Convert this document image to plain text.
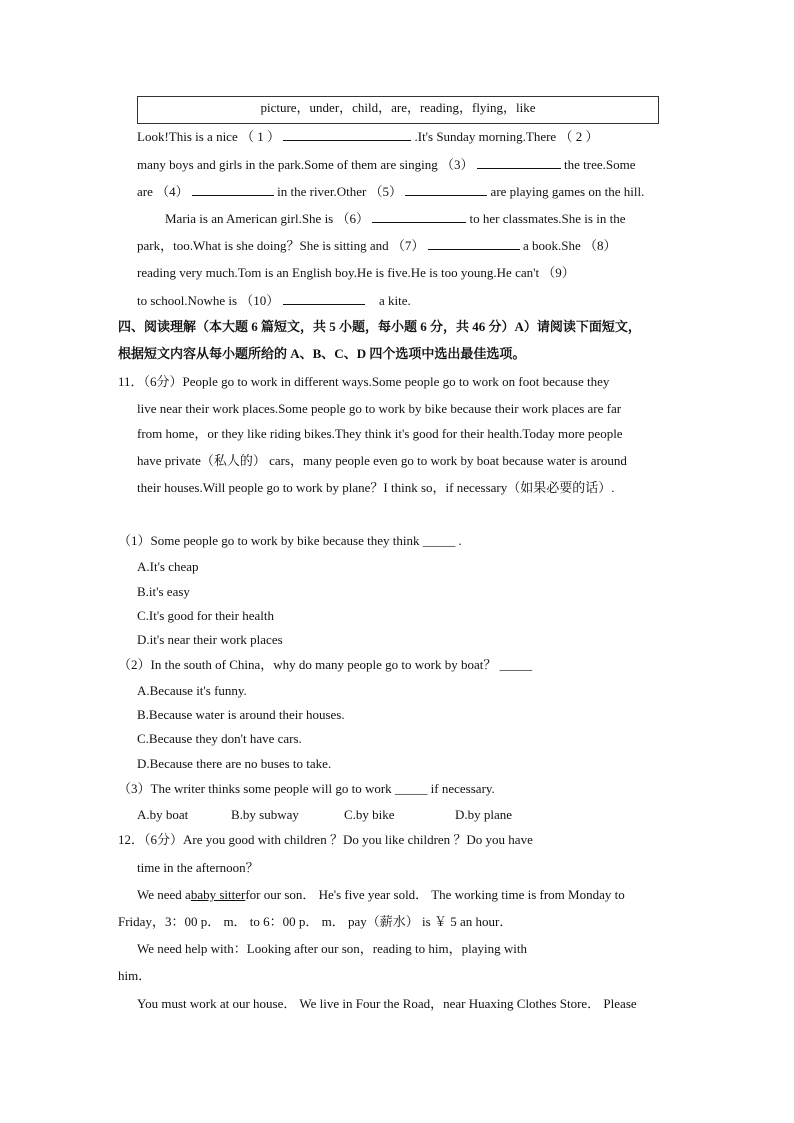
picture，under，child，are，reading，flying，like
Look!This is a nice （ 1 ）	.It's Sunday morning.There （ 2 ）
many boys and girls in the park.Some of them are singing （3）	the tree.Some
are （4）	in the river.Other （5）	are playing games on the hill.
Maria is an American girl.She is （6）	to her classmates.She is in the
park，too.What is she doing？She is sitting and （7）	a book.She （8）
reading very much.Tom is an English boy.He is five.He is too young.He can't （9）
to school.Nowhe is （10）	a kite.
四、阅读理解（本大题 6 篇短文，共 5 小题，每小题 6 分，共 46 分）A）请阅读下面短文，
根据短文内容从每小题所给的 A、B、C、D 四个选项中选出最佳选项。
11．（6分）People go to work in different ways.Some people go to work on foot because they
live near their work places.Some people go to work by bike because their work places are far
from home，or they like riding bikes.They think it's good for their health.Today more people
have private（私人的） cars，many people even go to work by boat because water is around
their houses.Will people go to work by plane？I think so，if necessary（如果必要的话）.
（1）Some people go to work by bike because they think _____ .
A.It's cheap
B.it's easy
C.It's good for their health
D.it's near their work places
（2）In the south of China，why do many people go to work by boat？ _____
A.Because it's funny.
B.Because water is around their houses.
C.Because they don't have cars.
D.Because there are no buses to take.
（3）The writer thinks some people will go to work _____ if necessary.
A.by boat	B.by subway	C.by bike	D.by plane
12．（6分）Are you good with children ？Do you like children ？Do you have
time in the afternoon？
We need ababy sitterfor our son． He's five year sold． The working time is from Monday to
Friday，3：00 p． m． to 6：00 p． m． pay（薪水） is ￥ 5 an hour．
We need help with：Looking after our son，reading to him，playing with
him．
You must work at our house． We live in Four the Road，near Huaxing Clothes Store． Please
